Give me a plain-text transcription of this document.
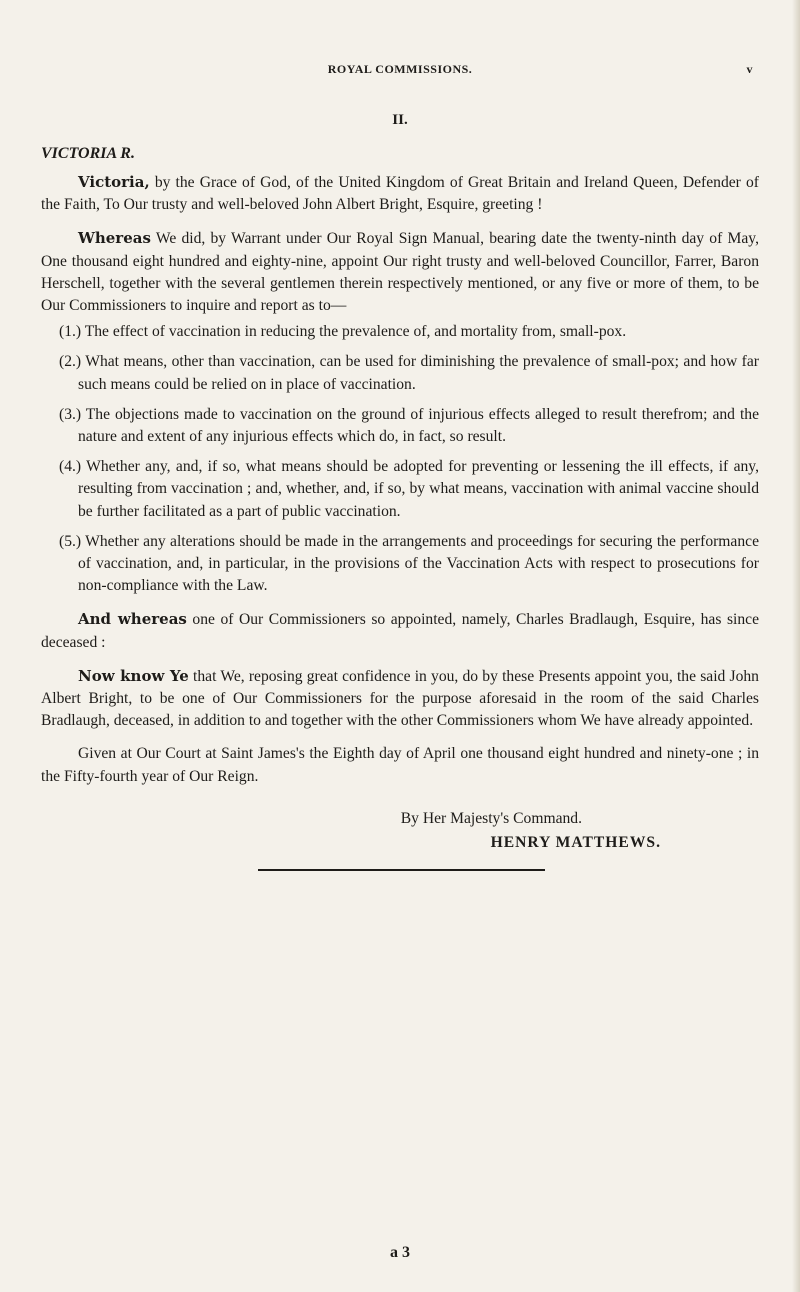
ROYAL COMMISSIONS.	v
II.
VICTORIA R.

Victoria, by the Grace of God, of the United Kingdom of Great Britain and Ireland Queen, Defender of the Faith, To Our trusty and well-beloved John Albert Bright, Esquire, greeting !

Whereas We did, by Warrant under Our Royal Sign Manual, bearing date the twenty-ninth day of May, One thousand eight hundred and eighty-nine, appoint Our right trusty and well-beloved Councillor, Farrer, Baron Herschell, together with the several gentlemen therein respectively mentioned, or any five or more of them, to be Our Commissioners to inquire and report as to—

(1.) The effect of vaccination in reducing the prevalence of, and mortality from, small-pox.

(2.) What means, other than vaccination, can be used for diminishing the prevalence of small-pox; and how far such means could be relied on in place of vaccination.

(3.) The objections made to vaccination on the ground of injurious effects alleged to result therefrom; and the nature and extent of any injurious effects which do, in fact, so result.

(4.) Whether any, and, if so, what means should be adopted for preventing or lessening the ill effects, if any, resulting from vaccination ; and, whether, and, if so, by what means, vaccination with animal vaccine should be further facilitated as a part of public vaccination.

(5.) Whether any alterations should be made in the arrangements and proceedings for securing the performance of vaccination, and, in particular, in the provisions of the Vaccination Acts with respect to prosecutions for non-compliance with the Law.

And whereas one of Our Commissioners so appointed, namely, Charles Bradlaugh, Esquire, has since deceased :

Now know Ye that We, reposing great confidence in you, do by these Presents appoint you, the said John Albert Bright, to be one of Our Commissioners for the purpose aforesaid in the room of the said Charles Bradlaugh, deceased, in addition to and together with the other Commissioners whom We have already appointed.

Given at Our Court at Saint James's the Eighth day of April one thousand eight hundred and ninety-one ; in the Fifty-fourth year of Our Reign.

By Her Majesty's Command.
HENRY MATTHEWS.
a 3
